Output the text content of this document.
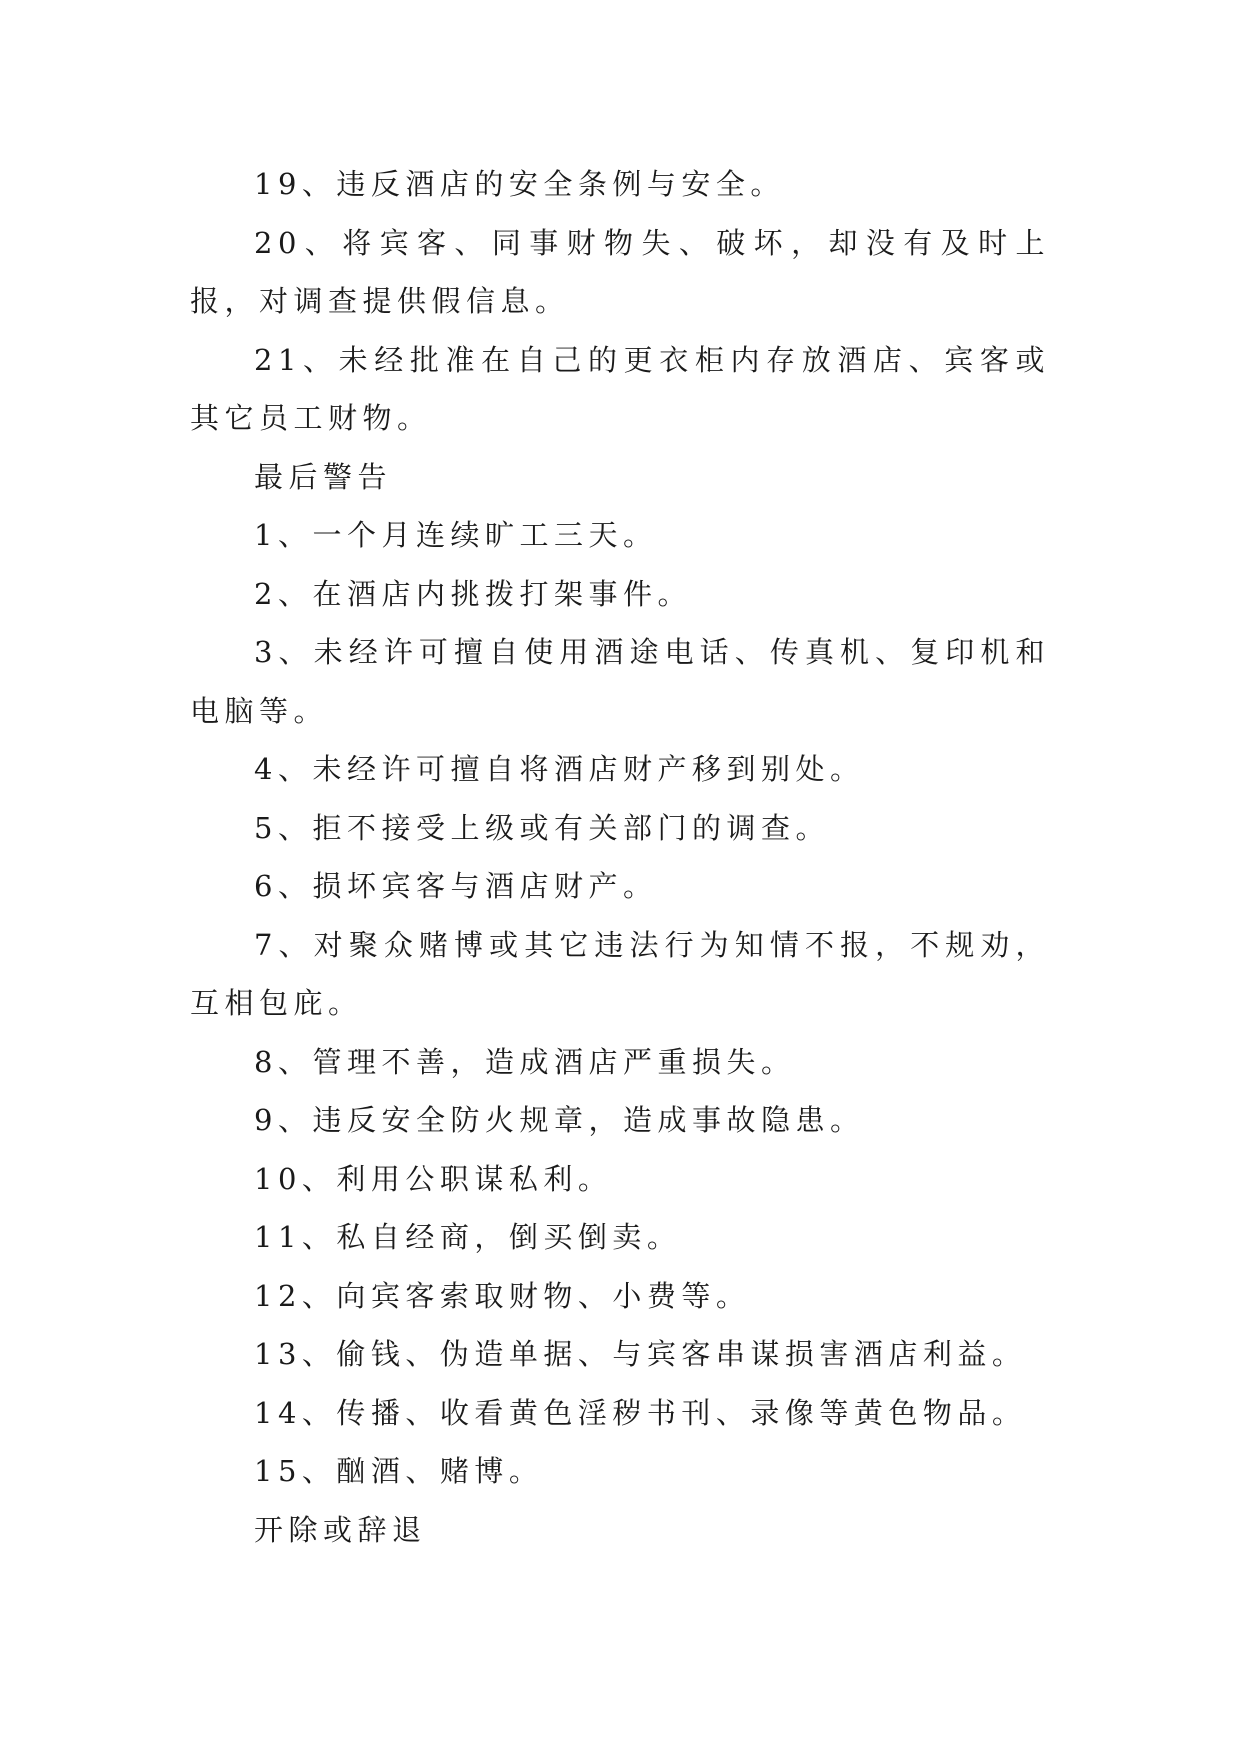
19、违反酒店的安全条例与安全。

20、将宾客、同事财物失、破坏，却没有及时上报，对调查提供假信息。

21、未经批准在自己的更衣柜内存放酒店、宾客或其它员工财物。

最后警告

1、一个月连续旷工三天。

2、在酒店内挑拨打架事件。

3、未经许可擅自使用酒途电话、传真机、复印机和电脑等。

4、未经许可擅自将酒店财产移到别处。

5、拒不接受上级或有关部门的调查。

6、损坏宾客与酒店财产。

7、对聚众赌博或其它违法行为知情不报，不规劝，互相包庇。

8、管理不善，造成酒店严重损失。

9、违反安全防火规章，造成事故隐患。

10、利用公职谋私利。

11、私自经商，倒买倒卖。

12、向宾客索取财物、小费等。

13、偷钱、伪造单据、与宾客串谋损害酒店利益。

14、传播、收看黄色淫秽书刊、录像等黄色物品。

15、酗酒、赌博。

开除或辞退
